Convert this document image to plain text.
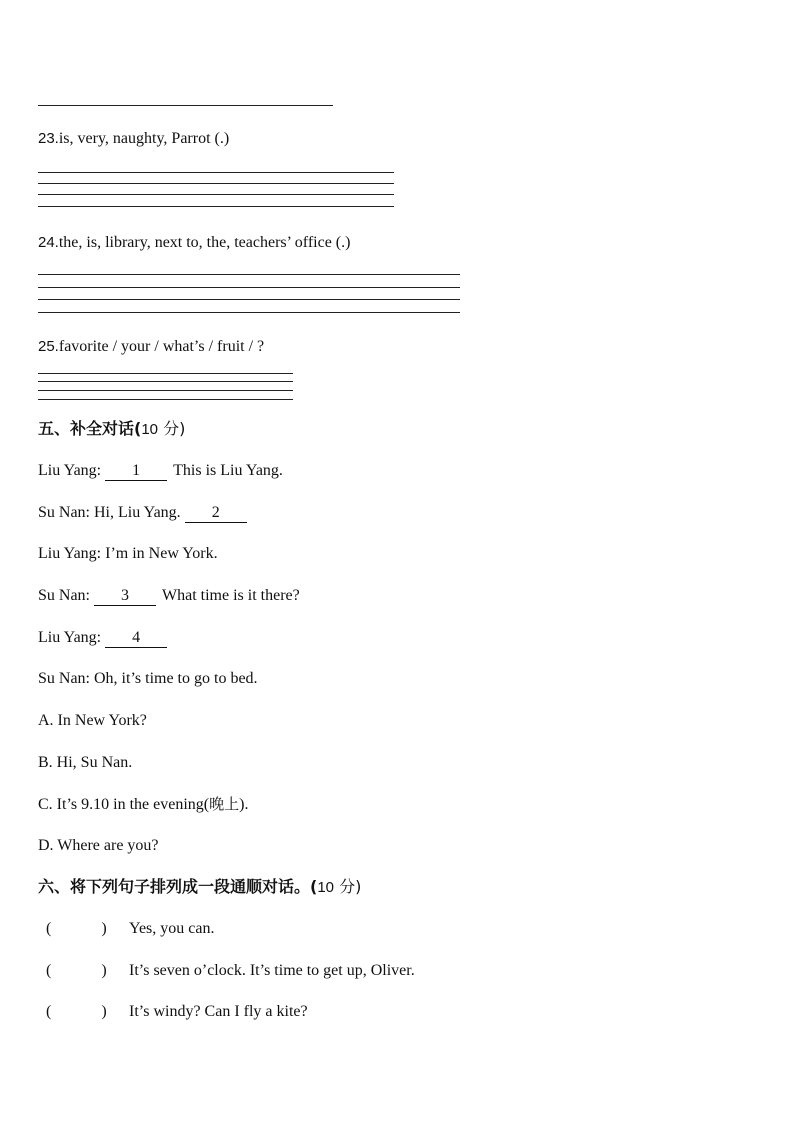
23.is, very, naughty, Parrot (.)
24.the, is, library, next to, the, teachers’ office (.)
25.favorite / your / what’s / fruit / ?
五、补全对话(10 分)
Liu Yang: 1 This is Liu Yang.
Su Nan: Hi, Liu Yang. 2
Liu Yang: I’m in New York.
Su Nan: 3 What time is it there?
Liu Yang: 4
Su Nan: Oh, it’s time to go to bed.
A. In New York?
B. Hi, Su Nan.
C. It’s 9.10 in the evening(晚上).
D. Where are you?
六、将下列句子排列成一段通顺对话。(10 分)
(	) Yes, you can.
(	) It’s seven o’clock. It’s time to get up, Oliver.
(	) It’s windy? Can I fly a kite?
